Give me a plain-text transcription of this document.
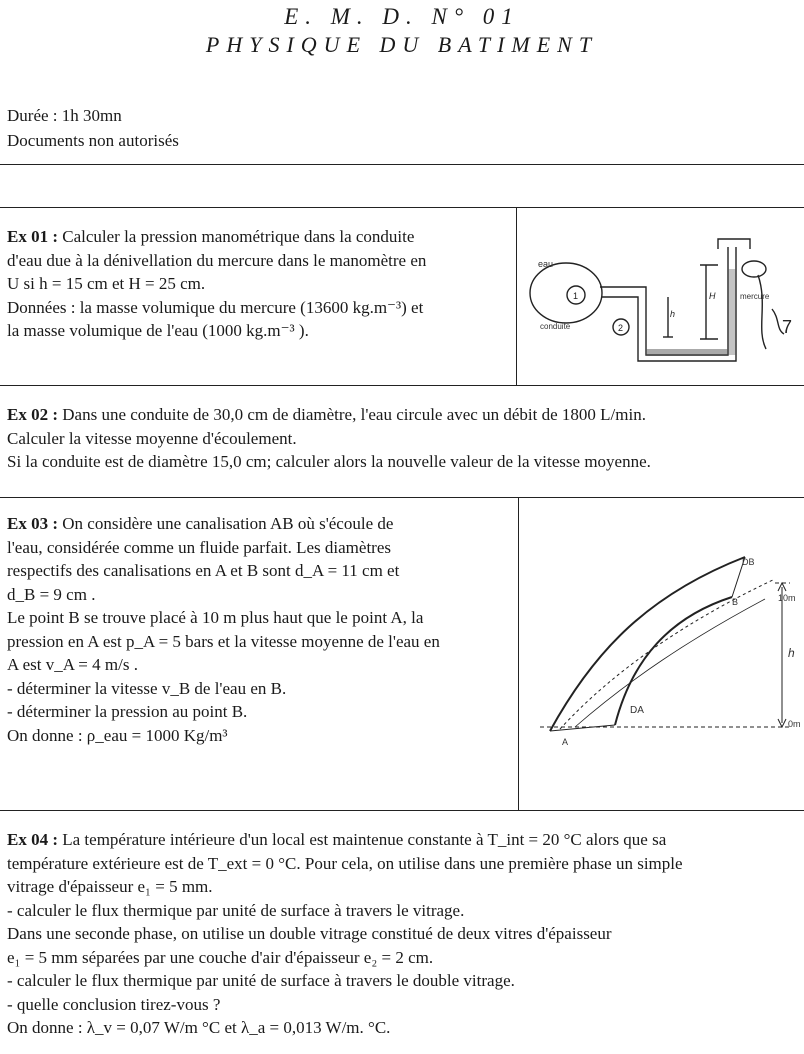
E. M. D. N° 01
PHYSIQUE DU BATIMENT
Durée : 1h 30mn
Documents non autorisés

Ex 01 : Calculer la pression manométrique dans la conduite

d'eau due à la dénivellation du mercure dans le manomètre en

U si h = 15 cm et H = 25 cm.

Données : la masse volumique du mercure (13600 kg.m⁻³) et

la masse volumique de l'eau (1000 kg.m⁻³ ).

eau
conduite
mercure
1
2
H
h
7

Ex 02 : Dans une conduite de 30,0 cm de diamètre, l'eau circule avec un débit de 1800 L/min.

Calculer la vitesse moyenne d'écoulement.

Si la conduite est de diamètre 15,0 cm; calculer alors la nouvelle valeur de la vitesse moyenne.

Ex 03 : On considère une canalisation AB où s'écoule de

l'eau, considérée comme un fluide parfait. Les diamètres

respectifs des canalisations en A et B sont d_A = 11 cm et

d_B = 9 cm .

Le point B se trouve placé à 10 m plus haut que le point A, la

pression en A est p_A = 5 bars et la vitesse moyenne de l'eau en

A est v_A = 4 m/s .

- déterminer la vitesse v_B de l'eau en B.

- déterminer la pression au point B.

On donne : ρ_eau = 1000 Kg/m³

DB
B
DA
A
10m
0m
h

Ex 04 : La température intérieure d'un local est maintenue constante à T_int = 20 °C alors que sa

température extérieure est de T_ext = 0 °C. Pour cela, on utilise dans une première phase un simple

vitrage d'épaisseur e₁ = 5 mm.

- calculer le flux thermique par unité de surface à travers le vitrage.

Dans une seconde phase, on utilise un double vitrage constitué de deux vitres d'épaisseur

e₁ = 5 mm séparées par une couche d'air d'épaisseur e₂ = 2 cm.

- calculer le flux thermique par unité de surface à travers le double vitrage.

- quelle conclusion tirez-vous ?

On donne : λ_v = 0,07 W/m °C et λ_a = 0,013 W/m. °C.
